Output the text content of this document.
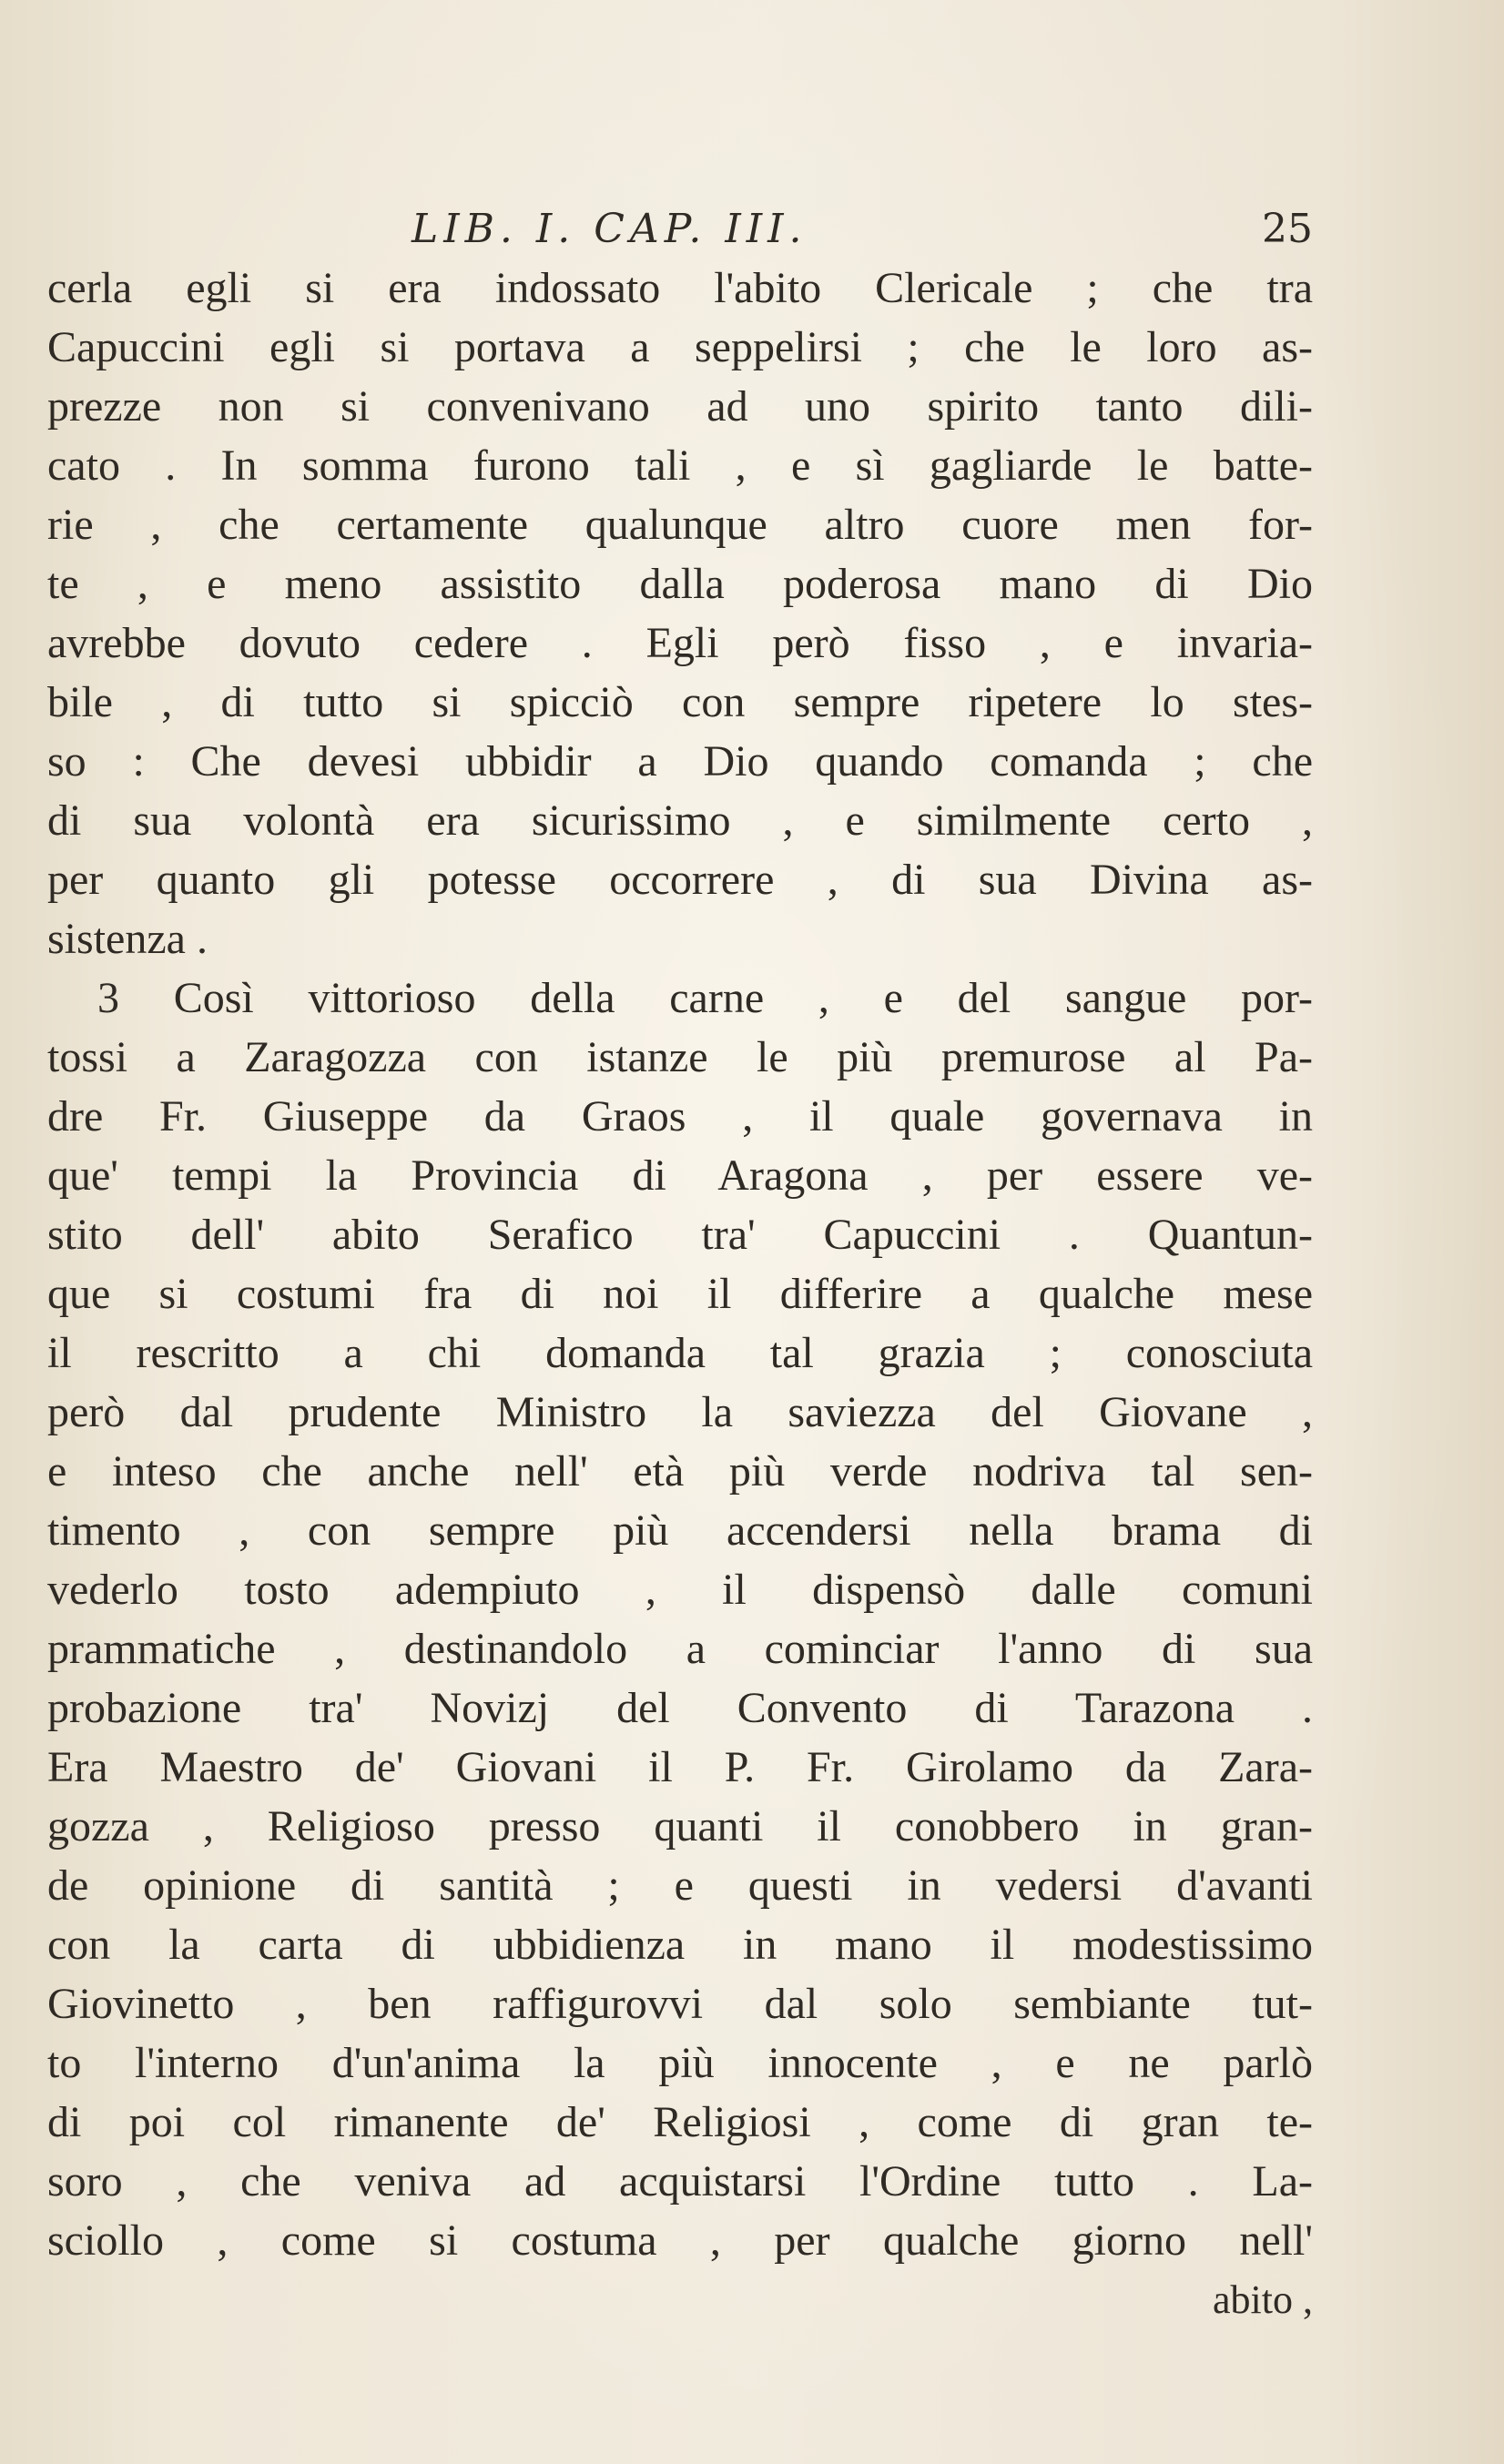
LIB. I. CAP. III.	25
cerla egli si era indossato l'abito Clericale ; che tra
Capuccini egli si portava a seppelirsi ; che le loro as-
prezze non si convenivano ad uno spirito tanto dili-
cato . In somma furono tali , e sì gagliarde le batte-
rie , che certamente qualunque altro cuore men for-
te , e meno assistito dalla poderosa mano di Dio
avrebbe dovuto cedere . Egli però fisso , e invaria-
bile , di tutto si spicciò con sempre ripetere lo stes-
so : Che devesi ubbidir a Dio quando comanda ; che
di sua volontà era sicurissimo , e similmente certo ,
per quanto gli potesse occorrere , di sua Divina as-
sistenza .
3 Così vittorioso della carne , e del sangue por-
tossi a Zaragozza con istanze le più premurose al Pa-
dre Fr. Giuseppe da Graos , il quale governava in
que' tempi la Provincia di Aragona , per essere ve-
stito dell' abito Serafico tra' Capuccini . Quantun-
que si costumi fra di noi il differire a qualche mese
il rescritto a chi domanda tal grazia ; conosciuta
però dal prudente Ministro la saviezza del Giovane ,
e inteso che anche nell' età più verde nodriva tal sen-
timento , con sempre più accendersi nella brama di
vederlo tosto adempiuto , il dispensò dalle comuni
prammatiche , destinandolo a cominciar l'anno di sua
probazione tra' Novizj del Convento di Tarazona .
Era Maestro de' Giovani il P. Fr. Girolamo da Zara-
gozza , Religioso presso quanti il conobbero in gran-
de opinione di santità ; e questi in vedersi d'avanti
con la carta di ubbidienza in mano il modestissimo
Giovinetto , ben raffigurovvi dal solo sembiante tut-
to l'interno d'un'anima la più innocente , e ne parlò
di poi col rimanente de' Religiosi , come di gran te-
soro , che veniva ad acquistarsi l'Ordine tutto . La-
sciollo , come si costuma , per qualche giorno nell'
abito ,
